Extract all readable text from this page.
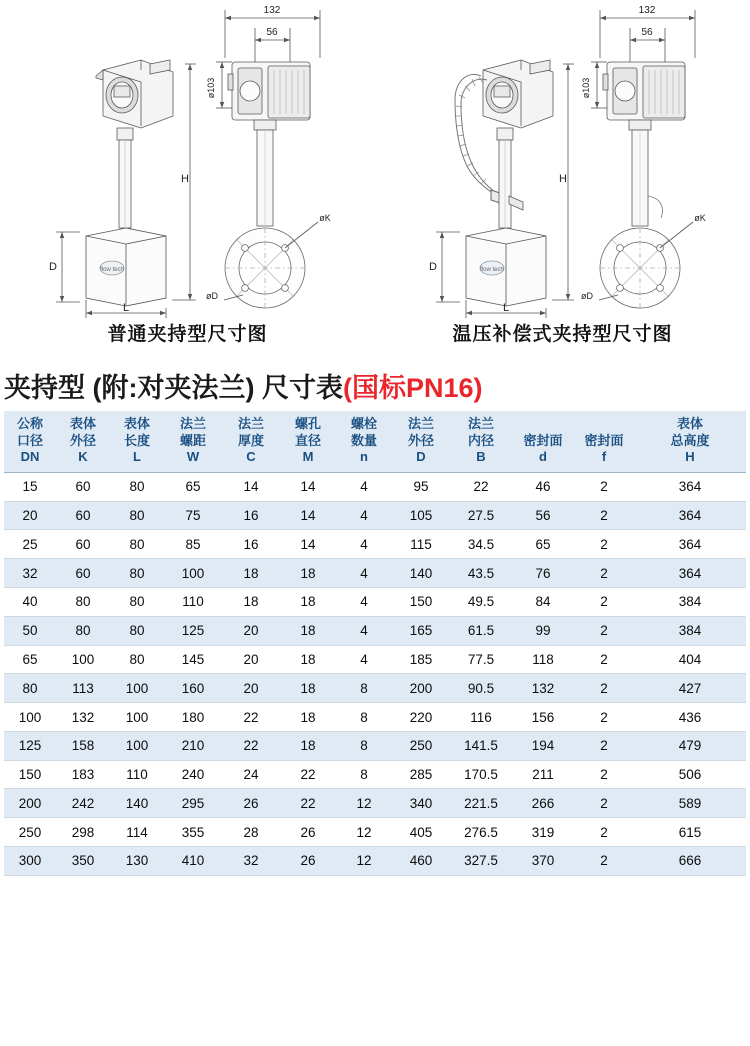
132
56
flow tech
D
L
H
ø103
øK
øD
普通夹持型尺寸图
132
56
flow tech
D
L
H
ø103
øK
øD
温压补偿式夹持型尺寸图
夹持型 (附:对夹法兰) 尺寸表(国标PN16)
公称
口径
DN	表体
外径
K	表体
长度
L	法兰
螺距
W	法兰
厚度
C	螺孔
直径
M	螺栓
数量
n	法兰
外径
D	法兰
内径
B	密封面
d	密封面
f	表体
总高度
H

15	60	80	65	14	14	4	95	22	46	2	364
20	60	80	75	16	14	4	105	27.5	56	2	364
25	60	80	85	16	14	4	115	34.5	65	2	364
32	60	80	100	18	18	4	140	43.5	76	2	364
40	80	80	110	18	18	4	150	49.5	84	2	384
50	80	80	125	20	18	4	165	61.5	99	2	384
65	100	80	145	20	18	4	185	77.5	118	2	404
80	113	100	160	20	18	8	200	90.5	132	2	427
100	132	100	180	22	18	8	220	116	156	2	436
125	158	100	210	22	18	8	250	141.5	194	2	479
150	183	110	240	24	22	8	285	170.5	211	2	506
200	242	140	295	26	22	12	340	221.5	266	2	589
250	298	114	355	28	26	12	405	276.5	319	2	615
300	350	130	410	32	26	12	460	327.5	370	2	666
